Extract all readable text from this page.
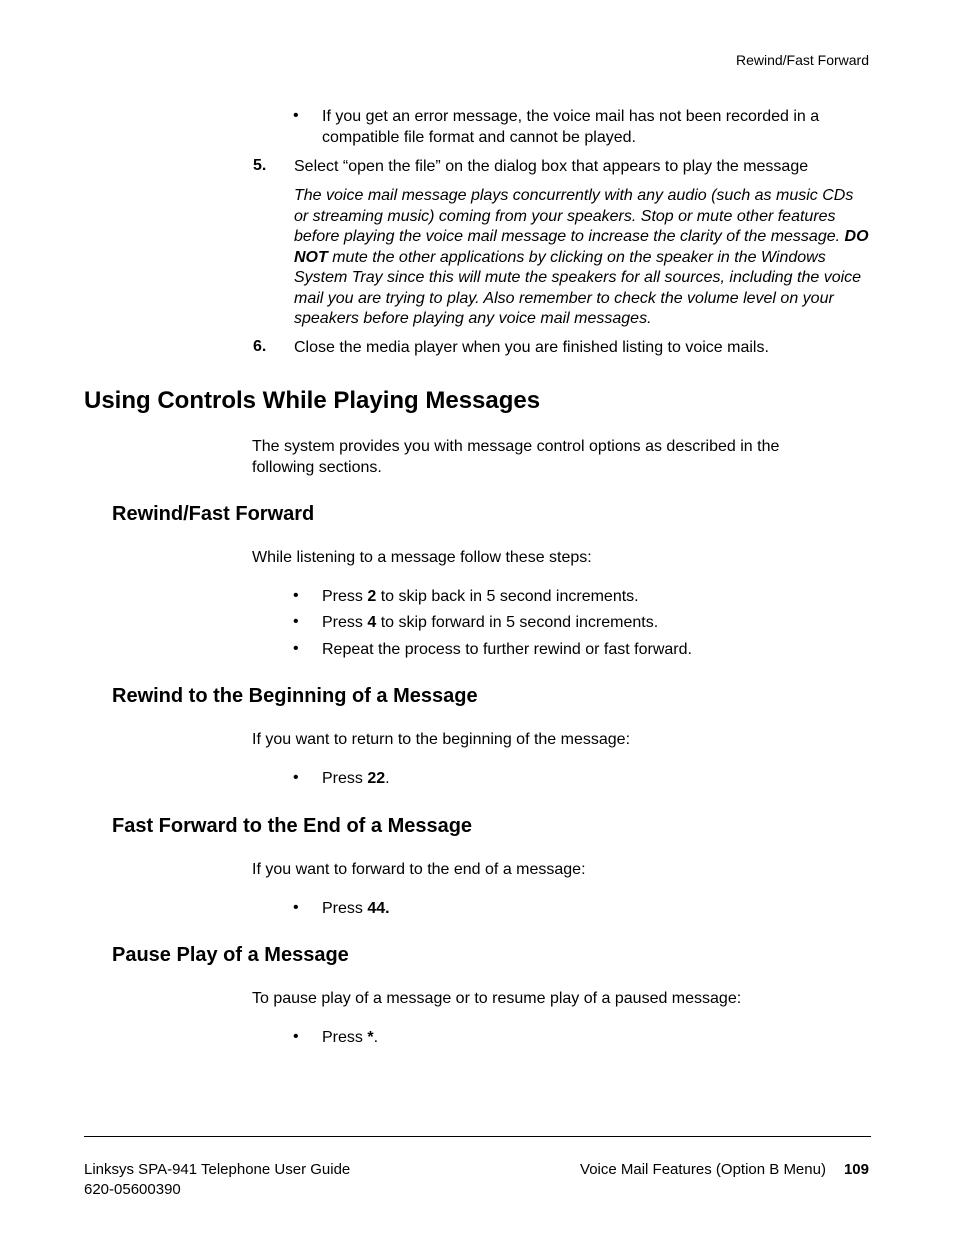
Rewind/Fast Forward
• If you get an error message, the voice mail has not been recorded in a compatible file format and cannot be played.
5. Select “open the file” on the dialog box that appears to play the message
The voice mail message plays concurrently with any audio (such as music CDs or streaming music) coming from your speakers. Stop or mute other features before playing the voice mail message to increase the clarity of the message. DO NOT mute the other applications by clicking on the speaker in the Windows System Tray since this will mute the speakers for all sources, including the voice mail you are trying to play. Also remember to check the volume level on your speakers before playing any voice mail messages.
6. Close the media player when you are finished listing to voice mails.
Using Controls While Playing Messages
The system provides you with message control options as described in the following sections.
Rewind/Fast Forward
While listening to a message follow these steps:
• Press 2 to skip back in 5 second increments.
• Press 4 to skip forward in 5 second increments.
• Repeat the process to further rewind or fast forward.
Rewind to the Beginning of a Message
If you want to return to the beginning of the message:
• Press 22.
Fast Forward to the End of a Message
If you want to forward to the end of a message:
• Press 44.
Pause Play of a Message
To pause play of a message or to resume play of a paused message:
• Press *.
Linksys SPA-941 Telephone User Guide
620-05600390
Voice Mail Features (Option B Menu) 109
